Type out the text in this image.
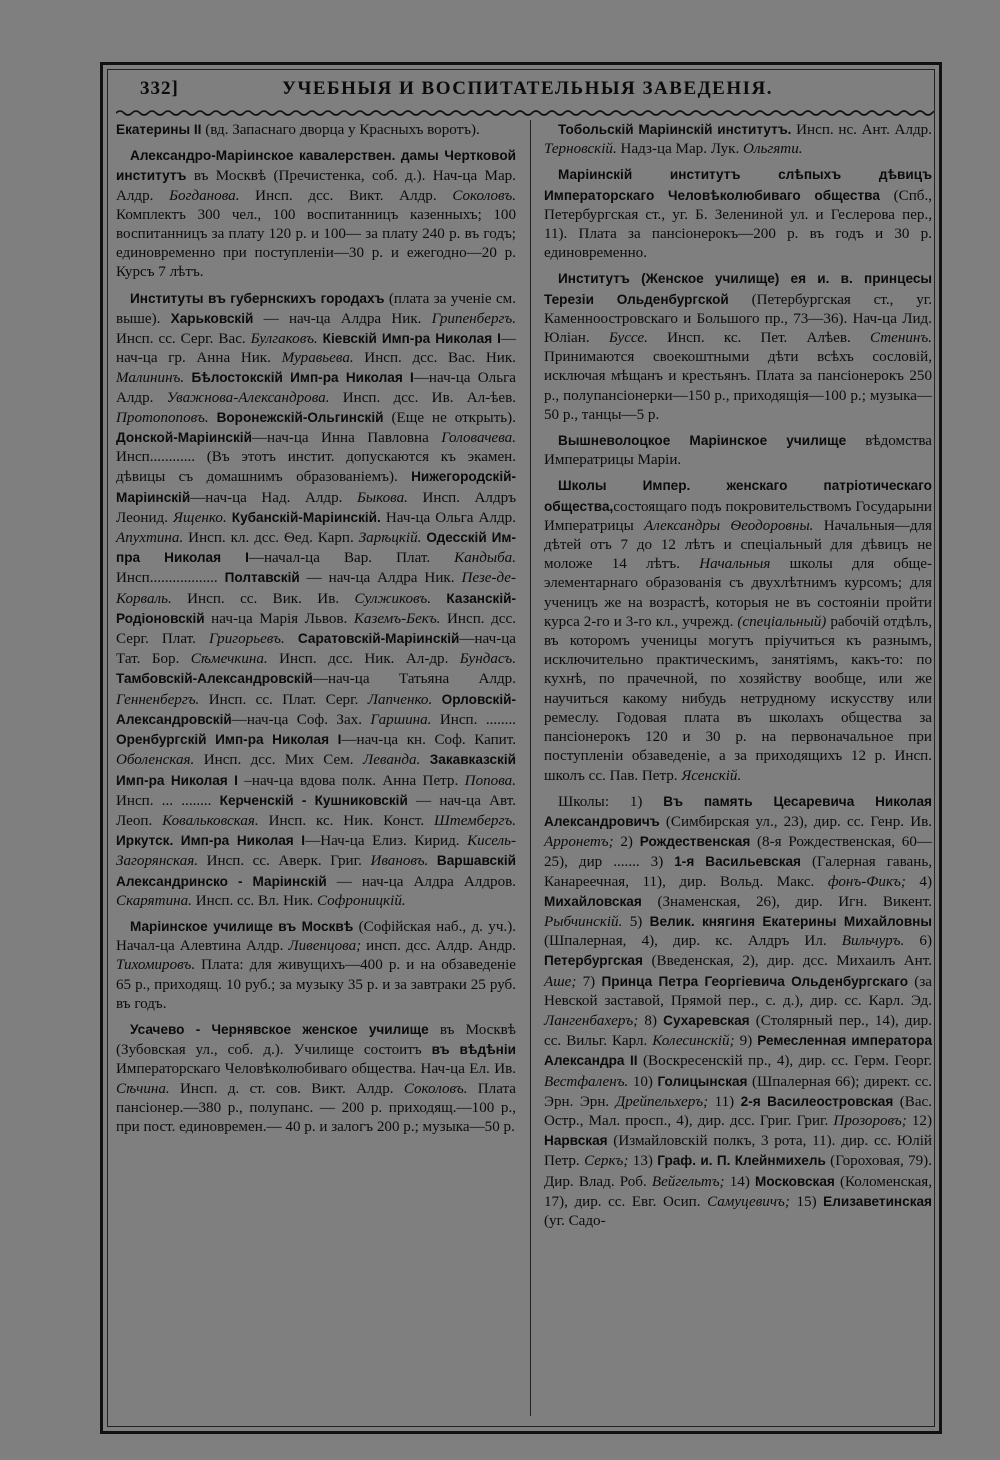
332]	УЧЕБНЫЯ И ВОСПИТАТЕЛЬНЫЯ ЗАВЕДЕНІЯ.

Екатерины II (вд. Запаснаго дворца у Красныхъ воротъ).

Александро-Маріинское кавалерствен. дамы Чертковой институтъ въ Москвѣ (Пречистенка, соб. д.). Нач-ца Мар. Алдр. Богданова. Инсп. дсс. Викт. Алдр. Соколовъ. Комплектъ 300 чел., 100 воспитанницъ казенныхъ; 100 воспитанницъ за плату 120 р. и 100— за плату 240 р. въ годъ; единовременно при поступленіи—30 р. и ежегодно—20 р. Курсъ 7 лѣтъ.

Институты въ губернскихъ городахъ (плата за ученіе см. выше). Харьковскій — нач-ца Алдра Ник. Грипенбергъ. Инсп. сс. Серг. Вас. Булгаковъ. Кіевскій Имп-ра Николая I—нач-ца гр. Анна Ник. Муравьева. Инсп. дсс. Вас. Ник. Малининъ. Бѣлостокскій Имп-ра Николая I—нач-ца Ольга Алдр. Уважнова-Александрова. Инсп. дсс. Ив. Ал-ѣев. Протопоповъ. Воронежскій-Ольгинскій (Еще не открыть). Донской-Маріинскій—нач-ца Инна Павловна Головачева. Инсп............ (Въ этотъ инстит. допускаются къ экамен. дѣвицы съ домашнимъ образованіемъ). Нижегородскій-Маріинскій—нач-ца Над. Алдр. Быкова. Инсп. Алдръ Леонид. Ященко. Кубанскій-Маріинскій. Нач-ца Ольга Алдр. Апухтина. Инсп. кл. дсс. Ѳед. Карп. Зарѣцкій. Одесскій Им-пра Николая I—начал-ца Вар. Плат. Кандыба. Инсп.................. Полтавскій — нач-ца Алдра Ник. Пезе-де-Корваль. Инсп. сс. Вик. Ив. Сулжиковъ. Казанскій-Родіоновскій нач-ца Марія Львов. Каземъ-Бекъ. Инсп. дсс. Серг. Плат. Григорьевъ. Саратовскій-Маріинскій—нач-ца Тат. Бор. Сѣмечкина. Инсп. дсс. Ник. Ал-др. Бундасъ. Тамбовскій-Александровскій—нач-ца Татьяна Алдр. Генненбергъ. Инсп. сс. Плат. Серг. Лапченко. Орловскій-Александровскій—нач-ца Соф. Зах. Гаршина. Инсп. ........ Оренбургскій Имп-ра Николая I—нач-ца кн. Соф. Капит. Оболенская. Инсп. дсс. Мих Сем. Левандa. Закавказскій Имп-ра Николая I –нач-ца вдова полк. Анна Петр. Попова. Инсп. ... ........ Керченскій - Кушниковскій — нач-ца Авт. Леоп. Ковальковская. Инсп. кс. Ник. Конст. Штембергъ. Иркутск. Имп-ра Николая I—Нач-ца Елиз. Кирид. Кисель-Загорянская. Инсп. сс. Аверк. Григ. Ивановъ. Варшавскій Александринско - Маріинскій — нач-ца Алдра Алдров. Скарятина. Инсп. сс. Вл. Ник. Софроницкій.

Маріинское училище въ Москвѣ (Софійская наб., д. уч.). Начал-ца Алевтина Алдр. Ливенцова; инсп. дсс. Алдр. Андр. Тихомировъ. Плата: для живущихъ—400 р. и на обзаведеніе 65 р., приходящ. 10 руб.; за музыку 35 р. и за завтраки 25 руб. въ годъ.

Усачево - Чернявское женское училище въ Москвѣ (Зубовская ул., соб. д.). Училище состоитъ въ вѣдѣніи Императорскаго Человѣколюбиваго общества. Нач-ца Ел. Ив. Сѣчина. Инсп. д. ст. сов. Викт. Алдр. Соколовъ. Плата пансіонер.—380 р., полупанс. — 200 р. приходящ.—100 р., при пост. единовремен.— 40 р. и залогъ 200 р.; музыка—50 р.

Тобольскій Маріинскій институтъ. Инсп. нс. Ант. Алдр. Терновскій. Надз-ца Мар. Лук. Ольгяти.

Маріинскій институтъ слѣпыхъ дѣвицъ Императорскаго Человѣколюбиваго общества (Спб., Петербургская ст., уг. Б. Зелениной ул. и Геслерова пер., 11). Плата за пансіонерокъ—200 р. въ годъ и 30 р. единовременно.

Институтъ (Женское училище) ея и. в. принцесы Терезіи Ольденбургской (Петербургская ст., уг. Каменноостровскаго и Большого пр., 73—36). Нач-ца Лид. Юліан. Буссе. Инсп. кс. Пет. Алѣев. Стенинъ. Принимаются своекоштными дѣти всѣхъ сословій, исключая мѣщанъ и крестьянъ. Плата за пансіонерокъ 250 р., полупансіонерки—150 р., приходящія—100 р.; музыка—50 р., танцы—5 р.

Вышневолоцкое Маріинское училище вѣдомства Императрицы Маріи.

Школы Импер. женскаго патріотическаго общества,состоящаго подъ покровительствомъ Государыни Императрицы Александры Ѳеодоровны. Начальныя—для дѣтей отъ 7 до 12 лѣтъ и спеціальный для дѣвицъ не моложе 14 лѣтъ. Начальныя школы для обще-элементарнаго образованія съ двухлѣтнимъ курсомъ; для ученицъ же на возрастѣ, которыя не въ состояніи пройти курса 2-го и 3-го кл., учрежд. (спеціальный) рабочій отдѣлъ, въ которомъ ученицы могутъ пріучиться къ разнымъ, исключительно практическимъ, занятіямъ, какъ-то: по кухнѣ, по прачечной, по хозяйству вообще, или же научиться какому нибудь нетрудному искусству или ремеслу. Годовая плата въ школахъ общества за пансіонерокъ 120 и 30 р. на первоначальное при поступленіи обзаведеніе, а за приходящихъ 12 р. Инсп. школъ сс. Пав. Петр. Ясенскій.

Школы: 1) Въ память Цесаревича Николая Александровичъ (Симбирская ул., 23), дир. сс. Генр. Ив. Арронетъ; 2) Рождественская (8-я Рождественская, 60—25), дир ....... 3) 1-я Васильевская (Галерная гавань, Канареечная, 11), дир. Вольд. Макс. фонъ-Фикъ; 4) Михайловская (Знаменская, 26), дир. Игн. Викент. Рыбчинскій. 5) Велик. княгиня Екатерины Михайловны (Шпалерная, 4), дир. кс. Алдръ Ил. Вильчуръ. 6) Петербургская (Введенская, 2), дир. дсс. Михаилъ Ант. Аше; 7) Принца Петра Георгіевича Ольденбургскаго (за Невской заставой, Прямой пер., с. д.), дир. сс. Карл. Эд. Лангенбахеръ; 8) Сухаревская (Столярный пер., 14), дир. сс. Вильг. Карл. Колесинскій; 9) Ремесленная императора Александра II (Воскресенскій пр., 4), дир. сс. Герм. Георг. Вестфаленъ. 10) Голицынская (Шпалерная 66); директ. сс. Эрн. Эрн. Дрейпельхеръ; 11) 2-я Василеостровская (Вас. Остр., Мал. просп., 4), дир. дсс. Григ. Григ. Прозоровъ; 12) Нарвская (Измайловскій полкъ, 3 рота, 11). дир. сс. Юлій Петр. Серкъ; 13) Граф. и. П. Клейнмихель (Гороховая, 79). Дир. Влад. Роб. Вейгельтъ; 14) Московская (Коломенская, 17), дир. сс. Евг. Осип. Самуцевичъ; 15) Елизаветинская (уг. Садо-
